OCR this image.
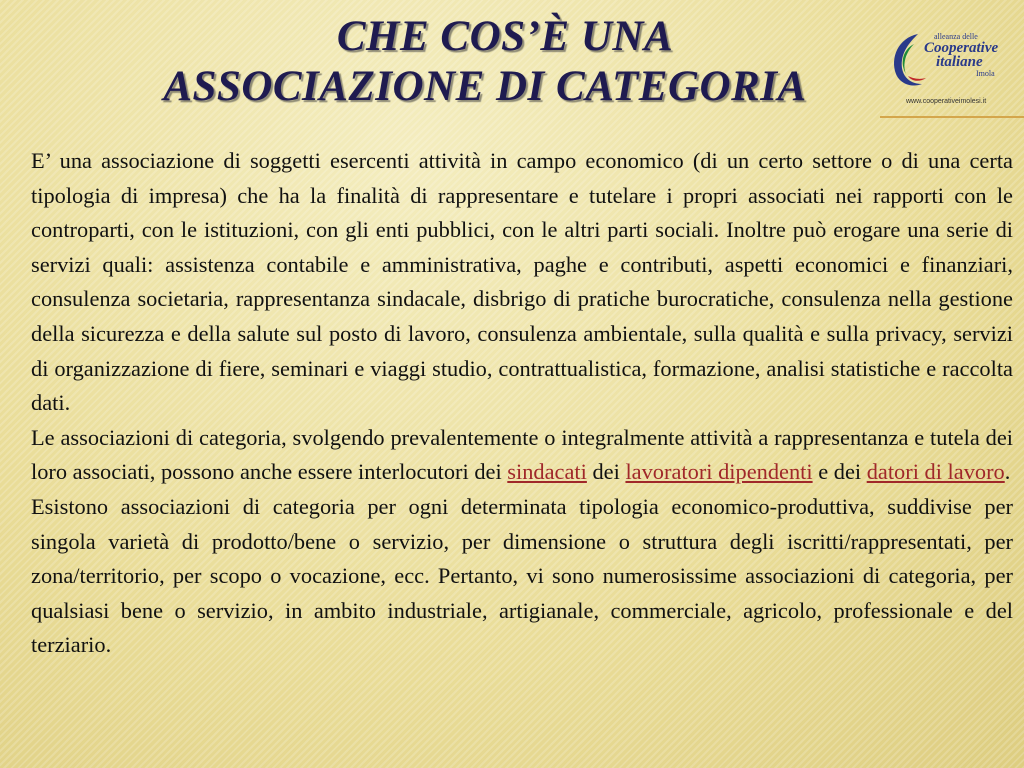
CHE COS’È UNA
ASSOCIAZIONE DI CATEGORIA
alleanza delle
Cooperative
italiane
Imola
www.cooperativeimolesi.it

E’ una associazione di soggetti esercenti attività in campo economico (di un certo settore o di una certa tipologia di impresa) che ha la finalità di rappresentare e tutelare i propri associati nei rapporti con le controparti, con le istituzioni, con gli enti pubblici, con le altri parti sociali. Inoltre può erogare una serie di servizi quali: assistenza contabile e amministrativa, paghe e contributi, aspetti economici e finanziari, consulenza societaria, rappresentanza sindacale, disbrigo di pratiche burocratiche, consulenza nella gestione della sicurezza e della salute sul posto di lavoro, consulenza ambientale, sulla qualità e sulla privacy, servizi di organizzazione di fiere, seminari e viaggi studio, contrattualistica, formazione, analisi statistiche e raccolta dati.

Le associazioni di categoria, svolgendo prevalentemente o integralmente attività a rappresentanza e tutela dei loro associati, possono anche essere interlocutori dei sindacati dei lavoratori dipendenti e dei datori di lavoro.

Esistono associazioni di categoria per ogni determinata tipologia economico-produttiva, suddivise per singola varietà di prodotto/bene o servizio, per dimensione o struttura degli iscritti/rappresentati, per zona/territorio, per scopo o vocazione, ecc. Pertanto, vi sono numerosissime associazioni di categoria, per qualsiasi bene o servizio, in ambito industriale, artigianale, commerciale, agricolo, professionale e del terziario.
